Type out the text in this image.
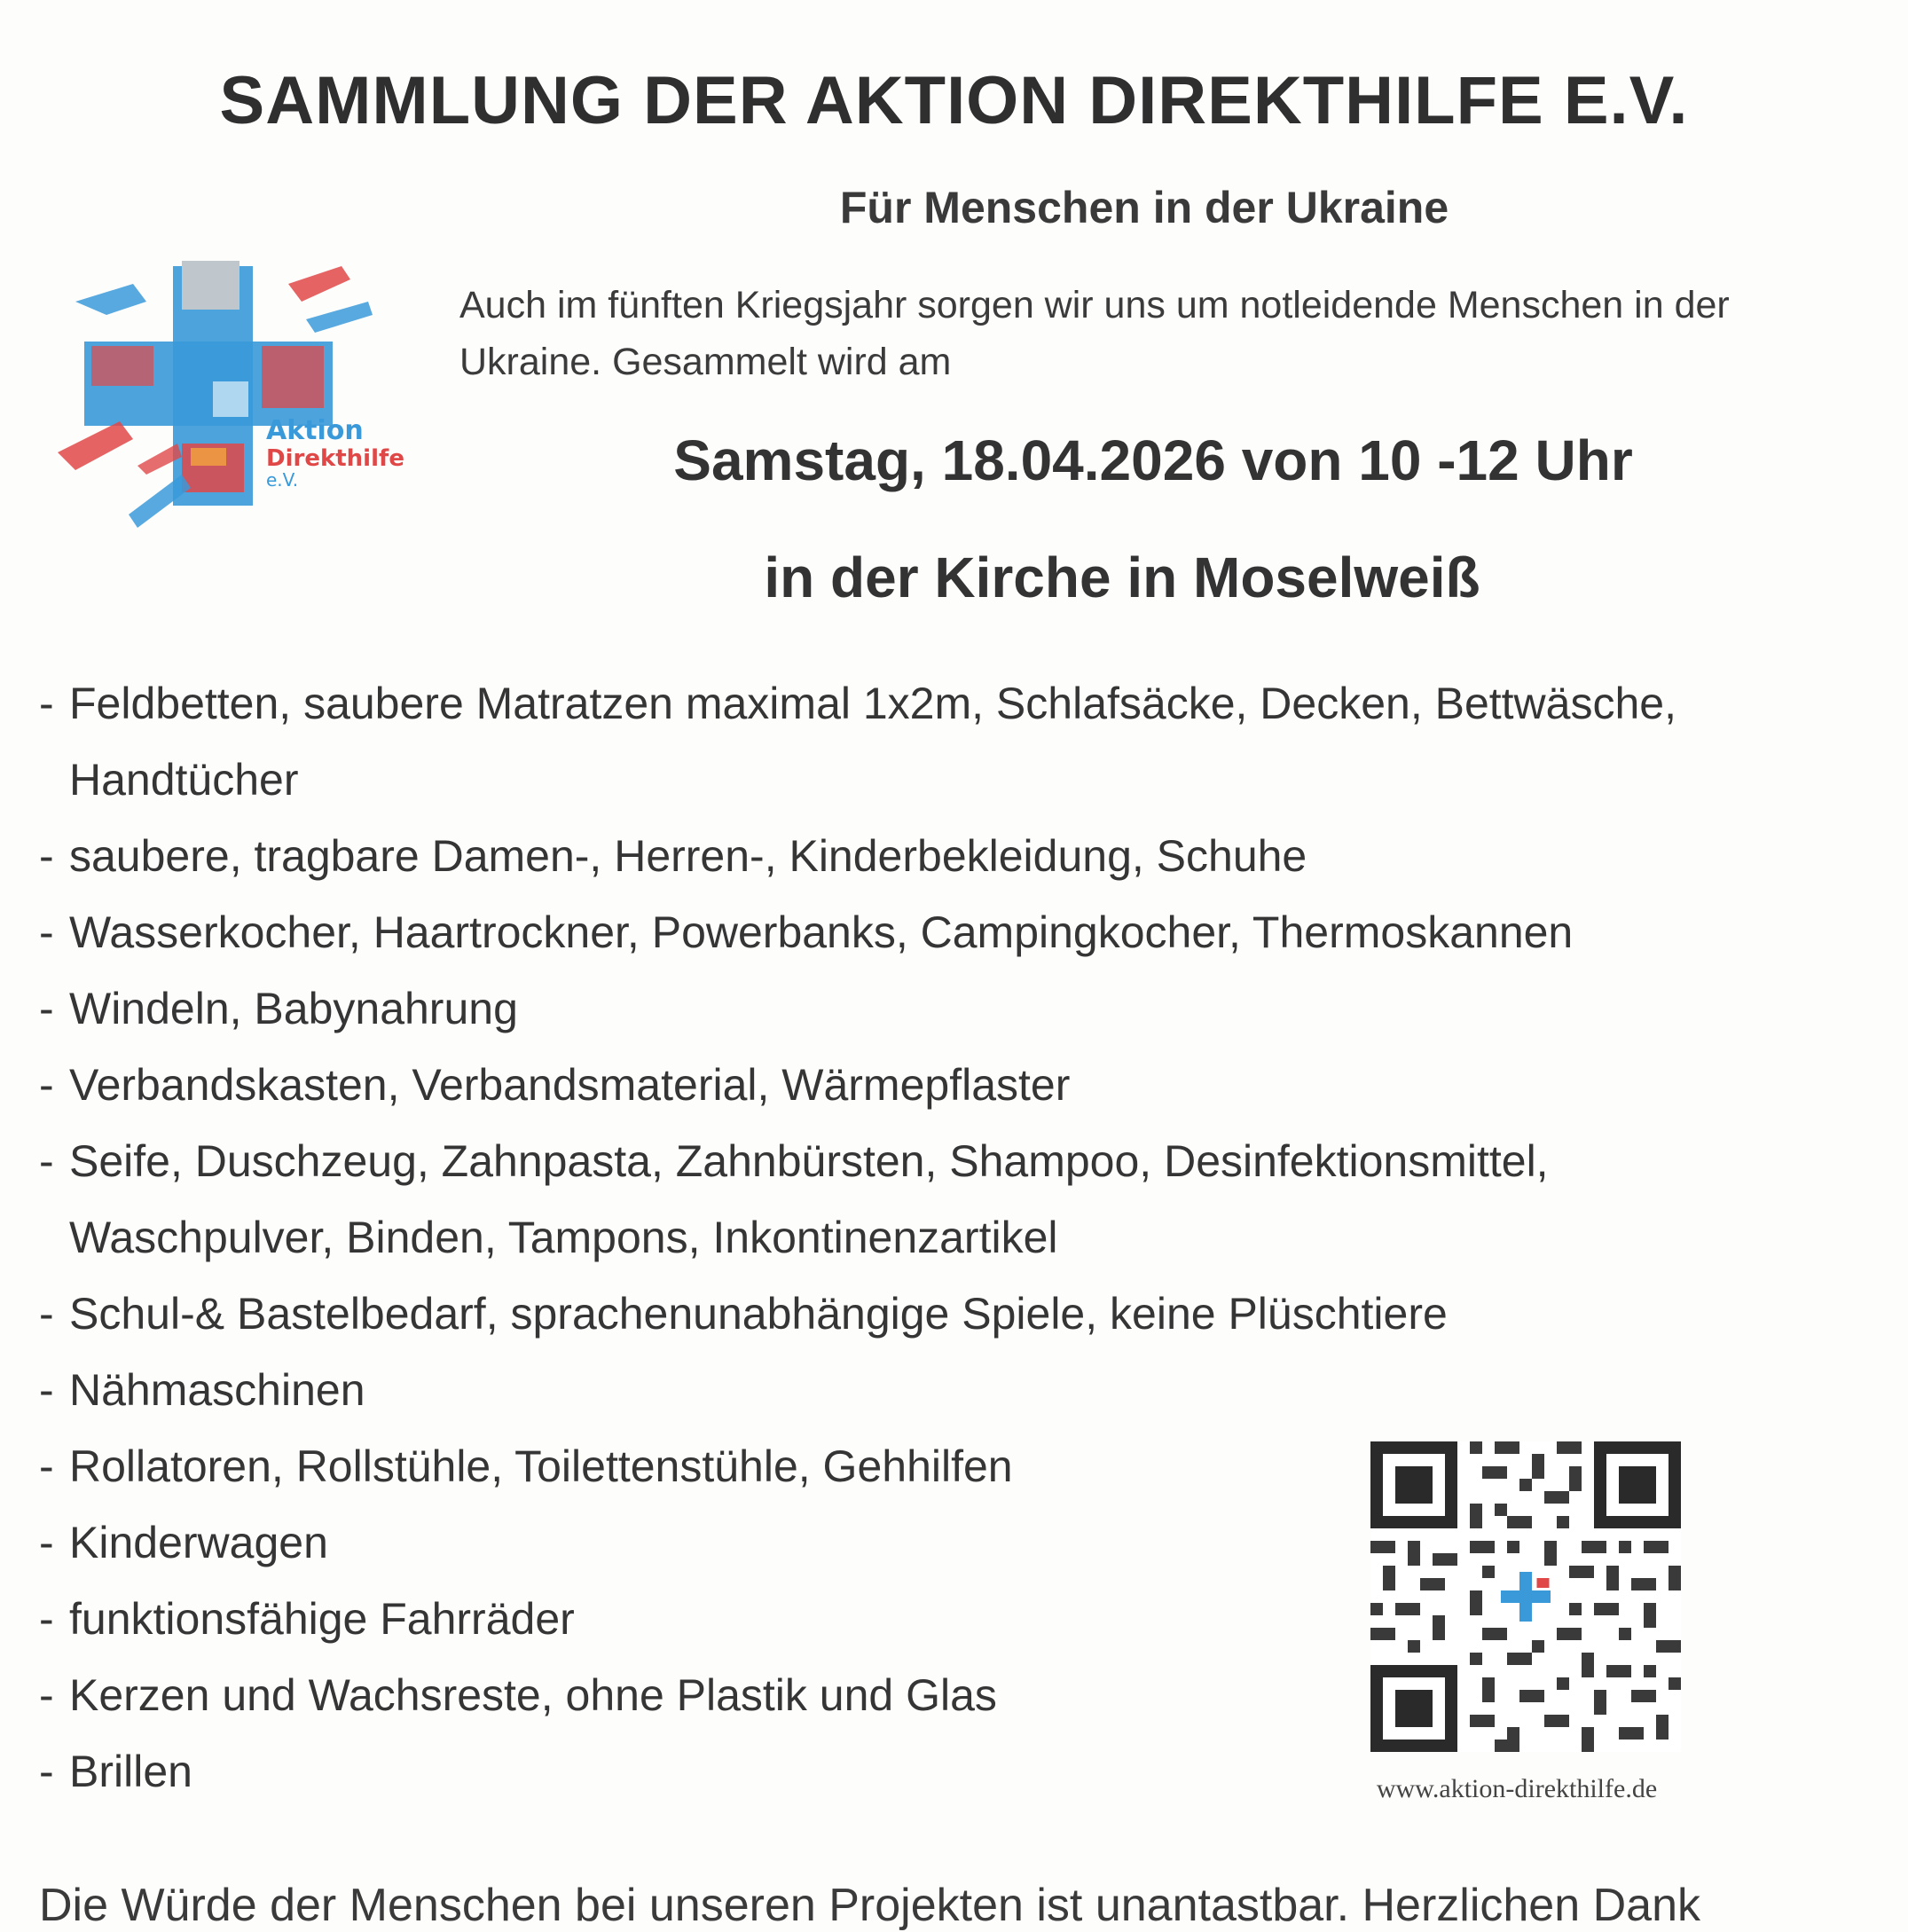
SAMMLUNG DER AKTION DIREKTHILFE E.V.
Für Menschen in der Ukraine
Aktion
Direkthilfe
e.V.
Auch im fünften Kriegsjahr sorgen wir uns um notleidende Menschen in der
Ukraine. Gesammelt wird am
Samstag, 18.04.2026 von 10 -12 Uhr
in der Kirche in Moselweiß
- Feldbetten, saubere Matratzen maximal 1x2m, Schlafsäcke, Decken, Bettwäsche,
Handtücher
- saubere, tragbare Damen-, Herren-, Kinderbekleidung, Schuhe
- Wasserkocher, Haartrockner, Powerbanks, Campingkocher, Thermoskannen
- Windeln, Babynahrung
- Verbandskasten, Verbandsmaterial, Wärmepflaster
- Seife, Duschzeug, Zahnpasta, Zahnbürsten, Shampoo, Desinfektionsmittel,
Waschpulver, Binden, Tampons, Inkontinenzartikel
- Schul-& Bastelbedarf, sprachenunabhängige Spiele, keine Plüschtiere
- Nähmaschinen
- Rollatoren, Rollstühle, Toilettenstühle, Gehhilfen
- Kinderwagen
- funktionsfähige Fahrräder
- Kerzen und Wachsreste, ohne Plastik und Glas
- Brillen	www.aktion-direkthilfe.de
Die Würde der Menschen bei unseren Projekten ist unantastbar. Herzlichen Dank
